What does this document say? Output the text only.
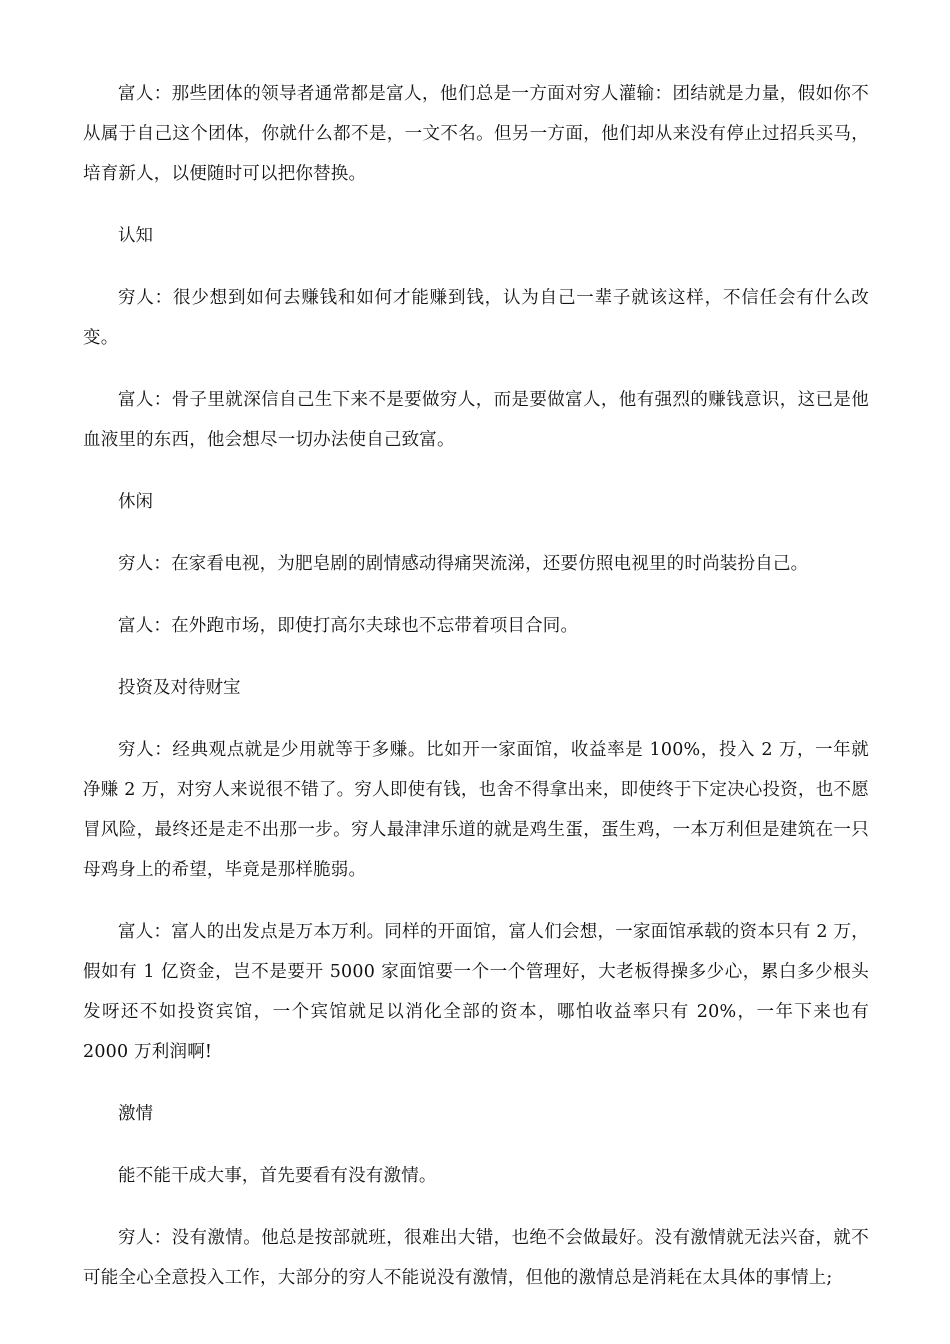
富人：那些团体的领导者通常都是富人，他们总是一方面对穷人灌输：团结就是力量，假如你不从属于自己这个团体，你就什么都不是，一文不名。但另一方面，他们却从来没有停止过招兵买马，培育新人，以便随时可以把你替换。

认知

穷人：很少想到如何去赚钱和如何才能赚到钱，认为自己一辈子就该这样，不信任会有什么改变。

富人：骨子里就深信自己生下来不是要做穷人，而是要做富人，他有强烈的赚钱意识，这已是他血液里的东西，他会想尽一切办法使自己致富。

休闲

穷人：在家看电视，为肥皂剧的剧情感动得痛哭流涕，还要仿照电视里的时尚装扮自己。

富人：在外跑市场，即使打高尔夫球也不忘带着项目合同。

投资及对待财宝

穷人：经典观点就是少用就等于多赚。比如开一家面馆，收益率是 100%，投入 2 万，一年就净赚 2 万，对穷人来说很不错了。穷人即使有钱，也舍不得拿出来，即使终于下定决心投资，也不愿冒风险，最终还是走不出那一步。穷人最津津乐道的就是鸡生蛋，蛋生鸡，一本万利但是建筑在一只母鸡身上的希望，毕竟是那样脆弱。

富人：富人的出发点是万本万利。同样的开面馆，富人们会想，一家面馆承载的资本只有 2 万，假如有 1 亿资金，岂不是要开 5000 家面馆要一个一个管理好，大老板得操多少心，累白多少根头发呀还不如投资宾馆，一个宾馆就足以消化全部的资本，哪怕收益率只有 20%，一年下来也有 2000 万利润啊!

激情

能不能干成大事，首先要看有没有激情。

穷人：没有激情。他总是按部就班，很难出大错，也绝不会做最好。没有激情就无法兴奋，就不可能全心全意投入工作，大部分的穷人不能说没有激情，但他的激情总是消耗在太具体的事情上;
